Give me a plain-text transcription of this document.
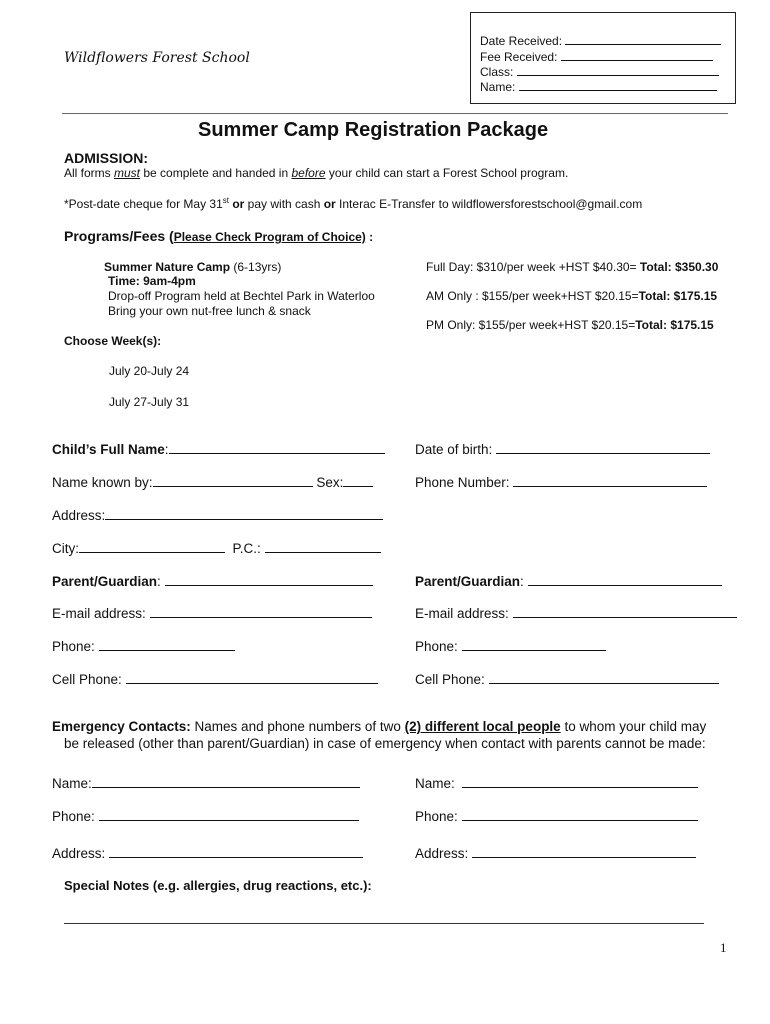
Date Received:
Fee Received:
Class:
Name:
Wildflowers Forest School
Summer Camp Registration Package
ADMISSION:
All forms must be complete and handed in before your child can start a Forest School program.
*Post-date cheque for May 31st or pay with cash or Interac E-Transfer to wildflowersforestschool@gmail.com
Programs/Fees (Please Check Program of Choice) :
Summer Nature Camp (6-13yrs)
Time: 9am-4pm
Drop-off Program held at Bechtel Park in Waterloo
Bring your own nut-free lunch & snack
Full Day: $310/per week +HST $40.30= Total: $350.30
AM Only : $155/per week+HST $20.15=Total: $175.15
PM Only: $155/per week+HST $20.15=Total: $175.15
Choose Week(s):
July 20-July 24
July 27-July 31
Child’s Full Name:	Date of birth:
Name known by:	Sex:	Phone Number:
Address:
City:	P.C.:
Parent/Guardian:	Parent/Guardian:
E-mail address:	E-mail address:
Phone:	Phone:
Cell Phone:	Cell Phone:
Emergency Contacts: Names and phone numbers of two (2) different local people to whom your child may
be released (other than parent/Guardian) in case of emergency when contact with parents cannot be made:
Name:	Name:
Phone:	Phone:
Address:	Address:
Special Notes (e.g. allergies, drug reactions, etc.):
1
